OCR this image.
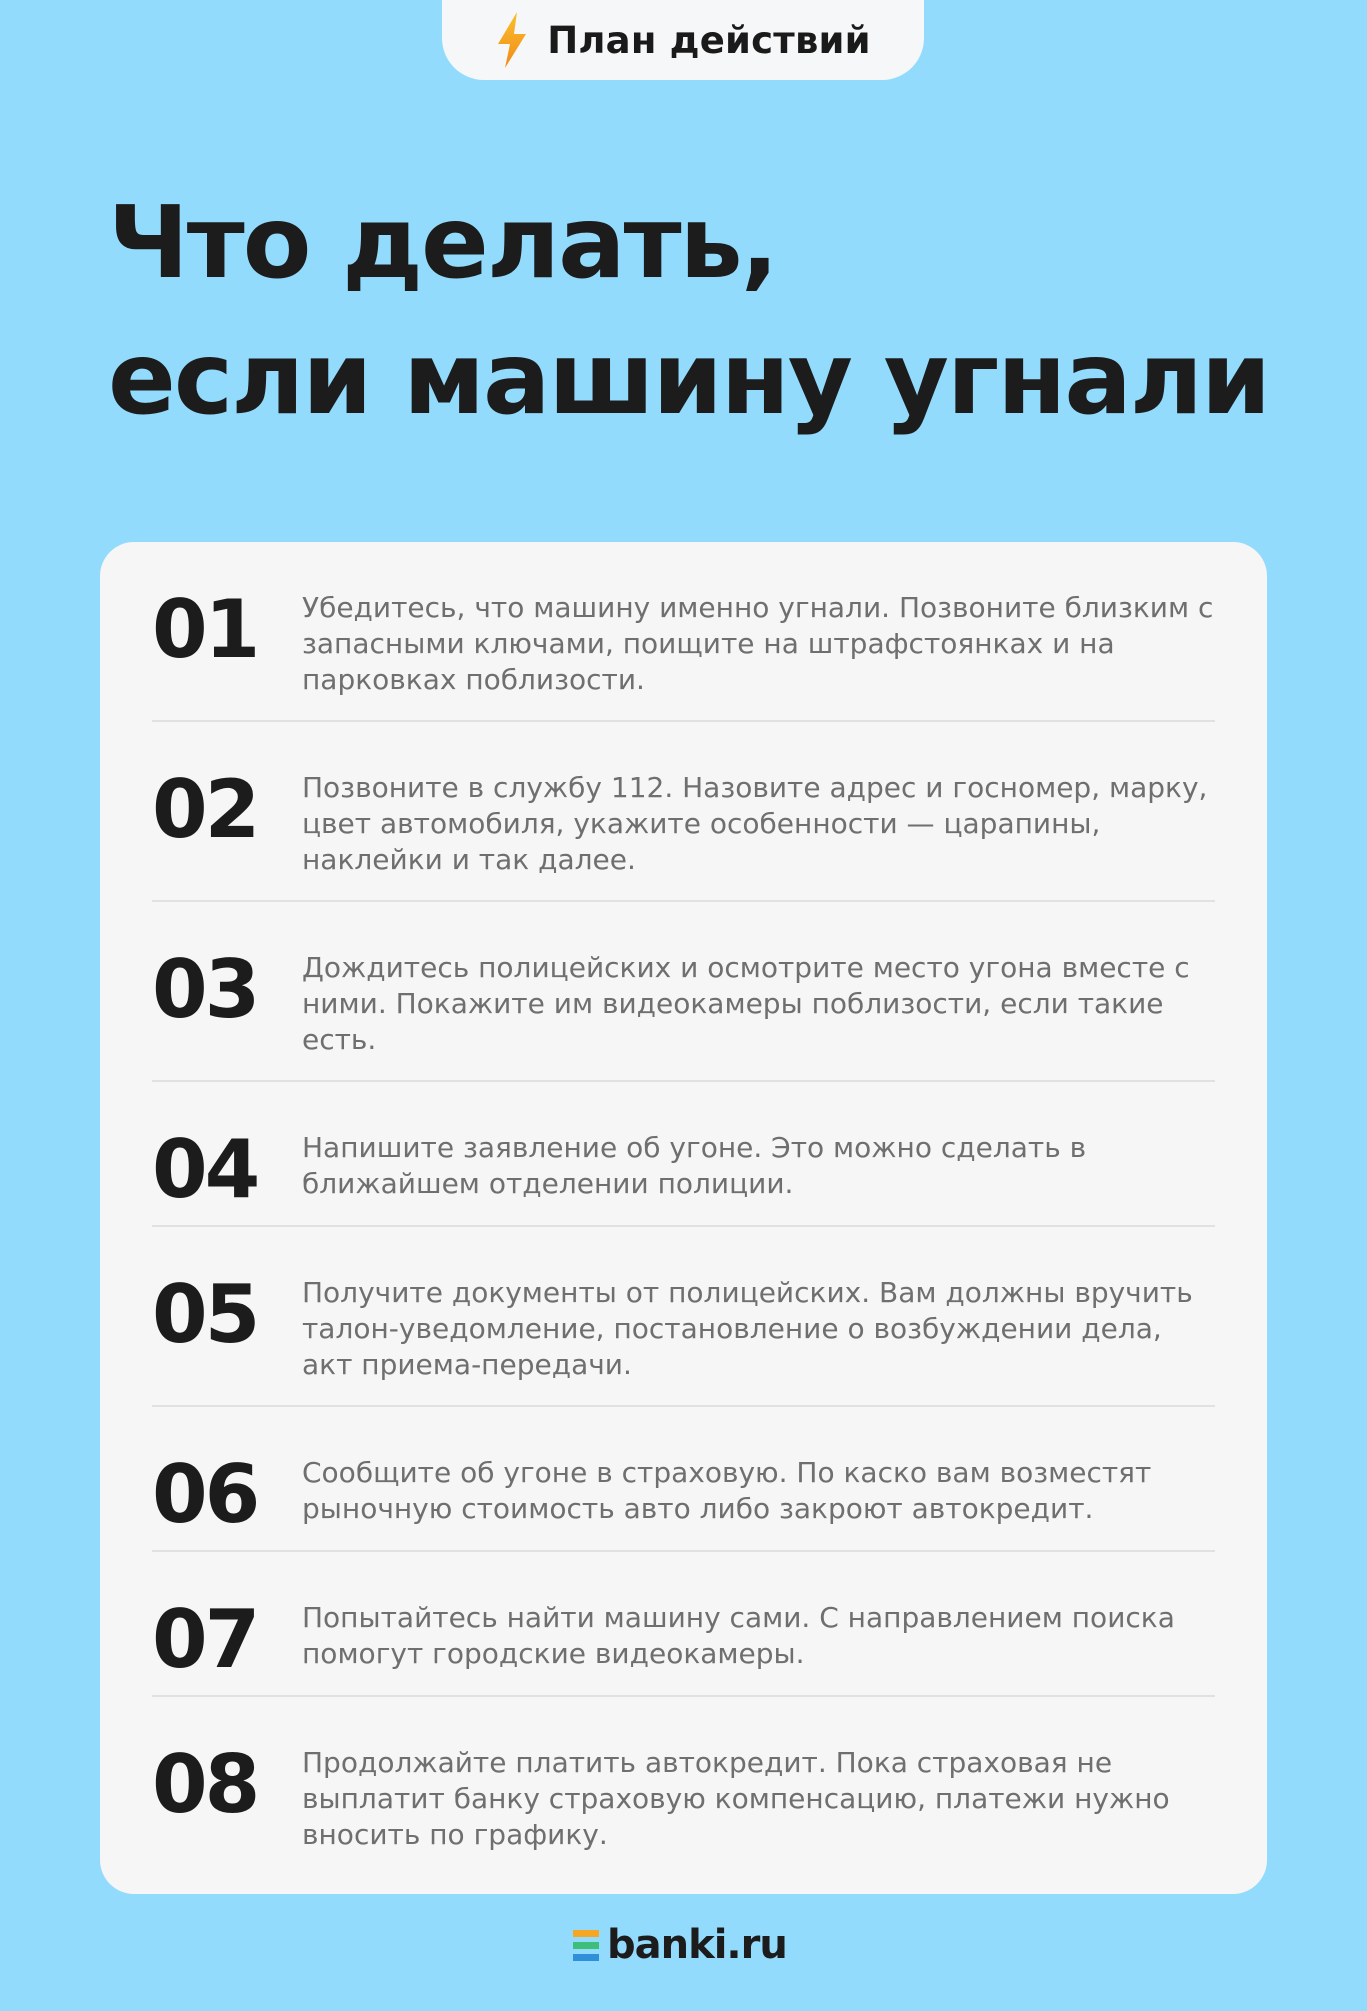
План действий
Что делать,
если машину угнали
01	Убедитесь, что машину именно угнали. Позвоните близким с запасными ключами, поищите на штрафстоянках и на парковках поблизости.
02	Позвоните в службу 112. Назовите адрес и госномер, марку, цвет автомобиля, укажите особенности — царапины, наклейки и так далее.
03	Дождитесь полицейских и осмотрите место угона вместе с ними. Покажите им видеокамеры поблизости, если такие есть.
04	Напишите заявление об угоне. Это можно сделать в ближайшем отделении полиции.
05	Получите документы от полицейских. Вам должны вручить талон-уведомление, постановление о возбуждении дела, акт приема-передачи.
06	Сообщите об угоне в страховую. По каско вам возместят рыночную стоимость авто либо закроют автокредит.
07	Попытайтесь найти машину сами. С направлением поиска помогут городские видеокамеры.
08	Продолжайте платить автокредит. Пока страховая не выплатит банку страховую компенсацию, платежи нужно вносить по графику.
banki.ru
